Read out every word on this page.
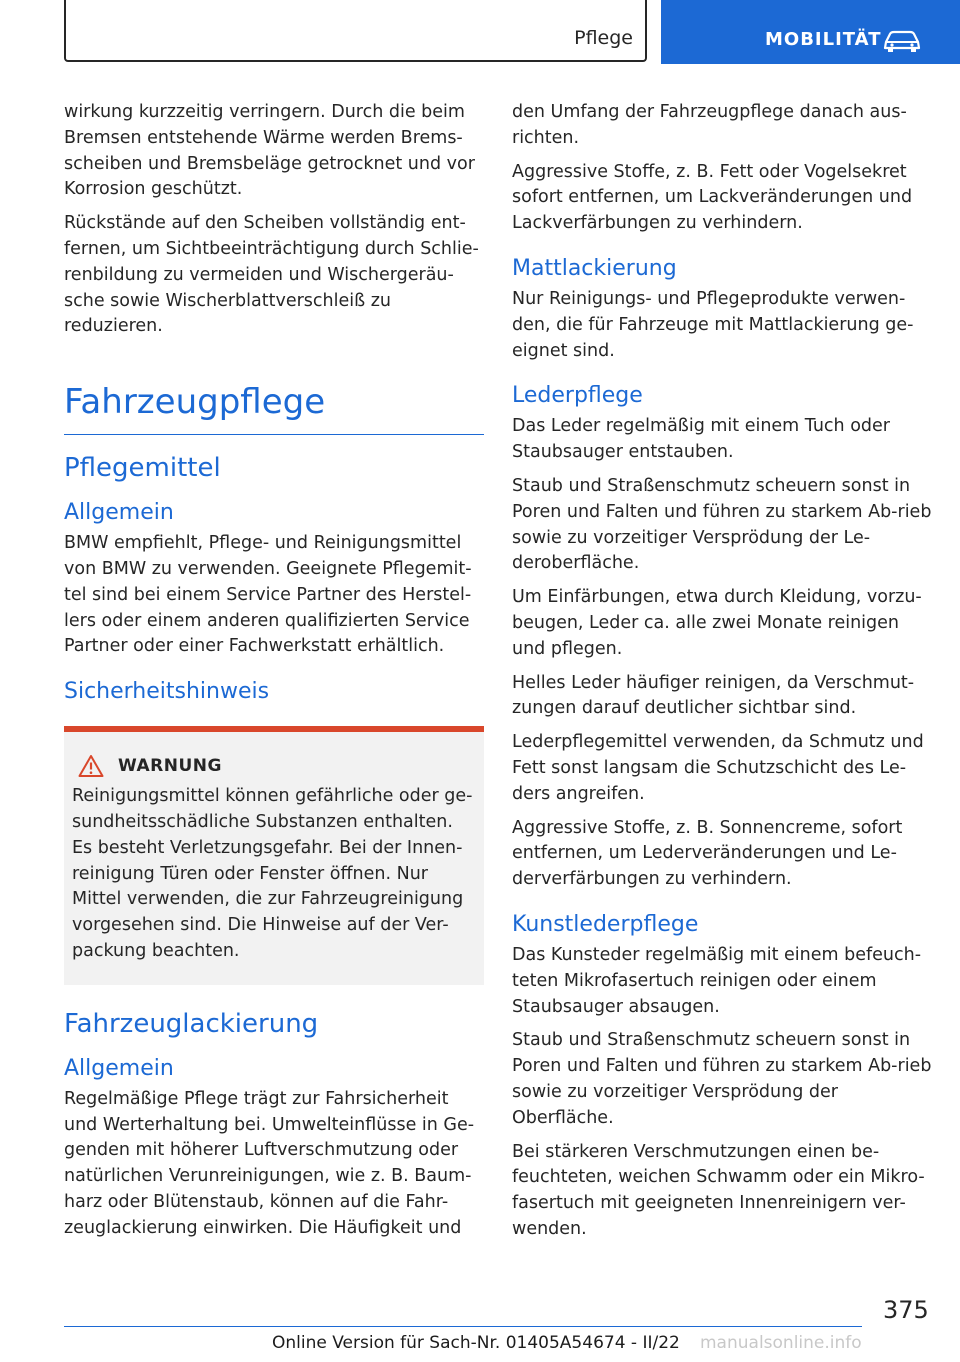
Pflege	MOBILITÄT

wirkung kurzzeitig verringern. Durch die beim Bremsen entstehende Wärme werden Brems-scheiben und Bremsbeläge getrocknet und vor Korrosion geschützt.

Rückstände auf den Scheiben vollständig ent-fernen, um Sichtbeeinträchtigung durch Schlie-renbildung zu vermeiden und Wischergeräu-sche sowie Wischerblattverschleiß zu reduzieren.

Fahrzeugpflege
Pflegemittel
Allgemein

BMW empfiehlt, Pflege- und Reinigungsmittel von BMW zu verwenden. Geeignete Pflegemit-tel sind bei einem Service Partner des Herstel-lers oder einem anderen qualifizierten Service Partner oder einer Fachwerkstatt erhältlich.

Sicherheitshinweis
WARNUNG

Reinigungsmittel können gefährliche oder ge-sundheitsschädliche Substanzen enthalten. Es besteht Verletzungsgefahr. Bei der Innen-reinigung Türen oder Fenster öffnen. Nur Mittel verwenden, die zur Fahrzeugreinigung vorgesehen sind. Die Hinweise auf der Ver-packung beachten.

Fahrzeuglackierung
Allgemein

Regelmäßige Pflege trägt zur Fahrsicherheit und Werterhaltung bei. Umwelteinflüsse in Ge-genden mit höherer Luftverschmutzung oder natürlichen Verunreinigungen, wie z. B. Baum-harz oder Blütenstaub, können auf die Fahr-zeuglackierung einwirken. Die Häufigkeit und

den Umfang der Fahrzeugpflege danach aus-richten.

Aggressive Stoffe, z. B. Fett oder Vogelsekret sofort entfernen, um Lackveränderungen und Lackverfärbungen zu verhindern.

Mattlackierung

Nur Reinigungs- und Pflegeprodukte verwen-den, die für Fahrzeuge mit Mattlackierung ge-eignet sind.

Lederpflege

Das Leder regelmäßig mit einem Tuch oder Staubsauger entstauben.

Staub und Straßenschmutz scheuern sonst in Poren und Falten und führen zu starkem Ab-rieb sowie zu vorzeitiger Versprödung der Le-deroberfläche.

Um Einfärbungen, etwa durch Kleidung, vorzu-beugen, Leder ca. alle zwei Monate reinigen und pflegen.

Helles Leder häufiger reinigen, da Verschmut-zungen darauf deutlicher sichtbar sind.

Lederpflegemittel verwenden, da Schmutz und Fett sonst langsam die Schutzschicht des Le-ders angreifen.

Aggressive Stoffe, z. B. Sonnencreme, sofort entfernen, um Lederveränderungen und Le-derverfärbungen zu verhindern.

Kunstlederpflege

Das Kunsteder regelmäßig mit einem befeuch-teten Mikrofasertuch reinigen oder einem Staubsauger absaugen.

Staub und Straßenschmutz scheuern sonst in Poren und Falten und führen zu starkem Ab-rieb sowie zu vorzeitiger Versprödung der Oberfläche.

Bei stärkeren Verschmutzungen einen be-feuchteten, weichen Schwamm oder ein Mikro-fasertuch mit geeigneten Innenreinigern ver-wenden.

375
Online Version für Sach-Nr. 01405A54674 - II/22 manualsonline.info
